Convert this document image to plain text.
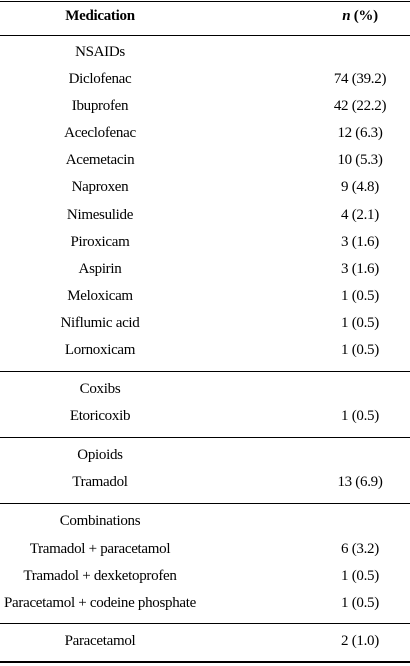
Medication	n (%)
NSAIDs
Diclofenac	74 (39.2)
Ibuprofen	42 (22.2)
Aceclofenac	12 (6.3)
Acemetacin	10 (5.3)
Naproxen	9 (4.8)
Nimesulide	4 (2.1)
Piroxicam	3 (1.6)
Aspirin	3 (1.6)
Meloxicam	1 (0.5)
Niflumic acid	1 (0.5)
Lornoxicam	1 (0.5)
Coxibs
Etoricoxib	1 (0.5)
Opioids
Tramadol	13 (6.9)
Combinations
Tramadol + paracetamol	6 (3.2)
Tramadol + dexketoprofen	1 (0.5)
Paracetamol + codeine phosphate	1 (0.5)
Paracetamol	2 (1.0)
